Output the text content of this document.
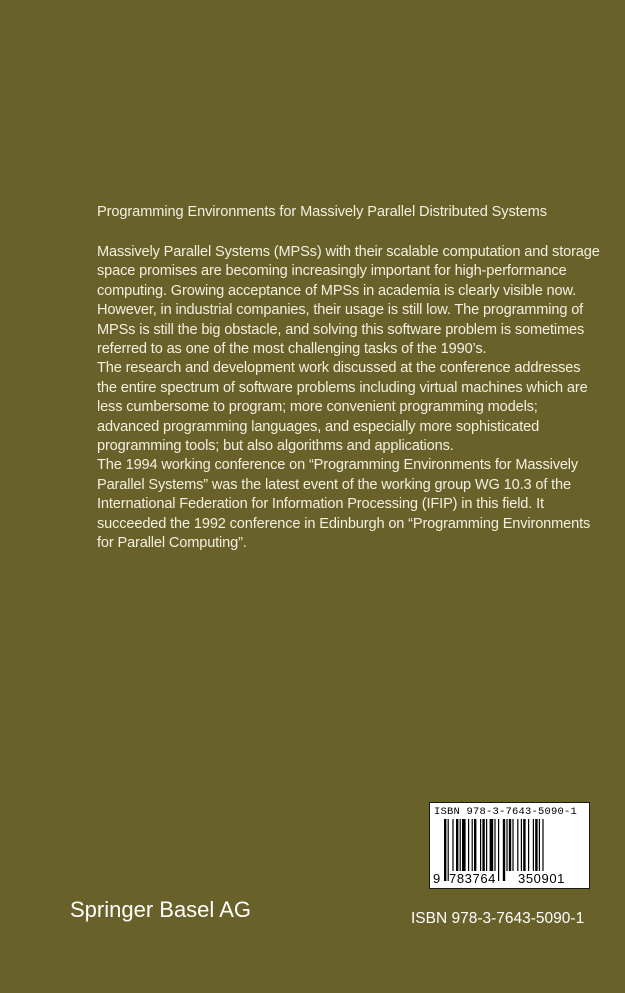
Programming Environments for Massively Parallel Distributed Systems

Massively Parallel Systems (MPSs) with their scalable computation and storage space promises are becoming increasingly important for high-performance computing. Growing acceptance of MPSs in academia is clearly visible now. However, in industrial companies, their usage is still low. The programming of MPSs is still the big obstacle, and solving this software problem is sometimes referred to as one of the most challenging tasks of the 1990’s.

The research and development work discussed at the conference addresses the entire spectrum of software problems including virtual machines which are less cumbersome to program; more convenient programming models; advanced programming languages, and especially more sophisticated programming tools; but also algorithms and applications.

The 1994 working conference on “Programming Environments for Massively Parallel Systems” was the latest event of the working group WG 10.3 of the International Federation for Information Processing (IFIP) in this field. It succeeded the 1992 conference in Edinburgh on “Programming Environments for Parallel Computing”.

ISBN 978-3-7643-5090-1
9 783764 350901
Springer Basel AG	ISBN 978-3-7643-5090-1
